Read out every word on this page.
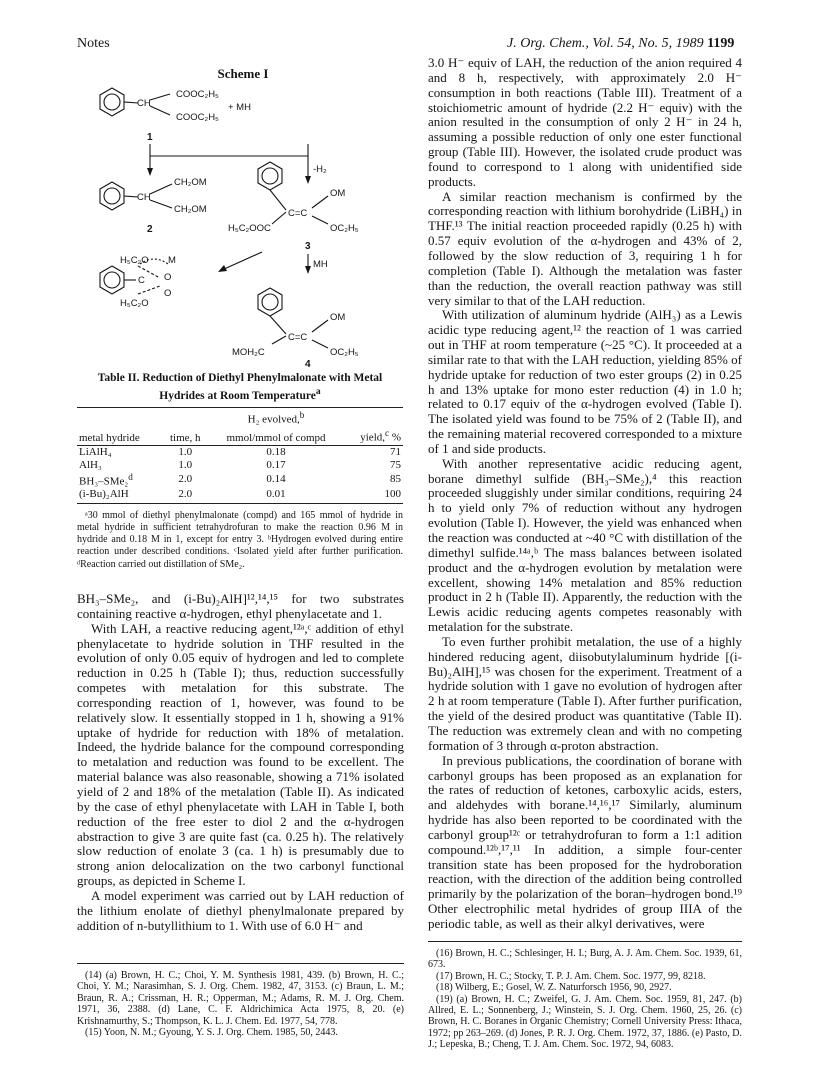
Notes	J. Org. Chem., Vol. 54, No. 5, 1989 1199
Scheme I
COOC₂H₅
CH
COOC₂H₅
+ MH
1
-H₂
CH₂OM
CH
CH₂OM
2
OM
C=C
H₅C₂OOC	OC₂H₅
3
MH
H₅C₂O M
C O
O
H₅C₂O
OM
C=C
MOH₂C	OC₂H₅
4
Table II. Reduction of Diethyl Phenylmalonate with Metal Hydrides at Room Temperature$^a$
		H₂ evolved,$^b$	
metal hydride	time, h	mmol/mmol of compd	yield,$^c$ %
LiAlH₄	1.0	0.18	71
AlH₃	1.0	0.17	75
BH₃–SMe₂$^d$	2.0	0.14	85
(i-Bu)₂AlH	2.0	0.01	100
ᵃ30 mmol of diethyl phenylmalonate (compd) and 165 mmol of hydride in metal hydride in sufficient tetrahydrofuran to make the reaction 0.96 M in hydride and 0.18 M in 1, except for entry 3. ᵇHydrogen evolved during entire reaction under described conditions. ᶜIsolated yield after further purification. ᵈReaction carried out distillation of SMe₂.

BH₃–SMe₂, and (i-Bu)₂AlH]¹²,¹⁴,¹⁵ for two substrates containing reactive α-hydrogen, ethyl phenylacetate and 1.

With LAH, a reactive reducing agent,¹²ᵃ,ᶜ addition of ethyl phenylacetate to hydride solution in THF resulted in the evolution of only 0.05 equiv of hydrogen and led to complete reduction in 0.25 h (Table I); thus, reduction successfully competes with metalation for this substrate. The corresponding reaction of 1, however, was found to be relatively slow. It essentially stopped in 1 h, showing a 91% uptake of hydride for reduction with 18% of metalation. Indeed, the hydride balance for the compound corresponding to metalation and reduction was found to be excellent. The material balance was also reasonable, showing a 71% isolated yield of 2 and 18% of the metalation (Table II). As indicated by the case of ethyl phenylacetate with LAH in Table I, both reduction of the free ester to diol 2 and the α-hydrogen abstraction to give 3 are quite fast (ca. 0.25 h). The relatively slow reduction of enolate 3 (ca. 1 h) is presumably due to strong anion delocalization on the two carbonyl functional groups, as depicted in Scheme I.

A model experiment was carried out by LAH reduction of the lithium enolate of diethyl phenylmalonate prepared by addition of n-butyllithium to 1. With use of 6.0 H⁻ and

3.0 H⁻ equiv of LAH, the reduction of the anion required 4 and 8 h, respectively, with approximately 2.0 H⁻ consumption in both reactions (Table III). Treatment of a stoichiometric amount of hydride (2.2 H⁻ equiv) with the anion resulted in the consumption of only 2 H⁻ in 24 h, assuming a possible reduction of only one ester functional group (Table III). However, the isolated crude product was found to correspond to 1 along with unidentified side products.

A similar reaction mechanism is confirmed by the corresponding reaction with lithium borohydride (LiBH₄) in THF.¹³ The initial reaction proceeded rapidly (0.25 h) with 0.57 equiv evolution of the α-hydrogen and 43% of 2, followed by the slow reduction of 3, requiring 1 h for completion (Table I). Although the metalation was faster than the reduction, the overall reaction pathway was still very similar to that of the LAH reduction.

With utilization of aluminum hydride (AlH₃) as a Lewis acidic type reducing agent,¹² the reaction of 1 was carried out in THF at room temperature (~25 °C). It proceeded at a similar rate to that with the LAH reduction, yielding 85% of hydride uptake for reduction of two ester groups (2) in 0.25 h and 13% uptake for mono ester reduction (4) in 1.0 h; related to 0.17 equiv of the α-hydrogen evolved (Table I). The isolated yield was found to be 75% of 2 (Table II), and the remaining material recovered corresponded to a mixture of 1 and side products.

With another representative acidic reducing agent, borane dimethyl sulfide (BH₃–SMe₂),⁴ this reaction proceeded sluggishly under similar conditions, requiring 24 h to yield only 7% of reduction without any hydrogen evolution (Table I). However, the yield was enhanced when the reaction was conducted at ~40 °C with distillation of the dimethyl sulfide.¹⁴ᵃ,ᵇ The mass balances between isolated product and the α-hydrogen evolution by metalation were excellent, showing 14% metalation and 85% reduction product in 2 h (Table II). Apparently, the reduction with the Lewis acidic reducing agents competes reasonably with metalation for the substrate.

To even further prohibit metalation, the use of a highly hindered reducing agent, diisobutylaluminum hydride [(i-Bu)₂AlH],¹⁵ was chosen for the experiment. Treatment of a hydride solution with 1 gave no evolution of hydrogen after 2 h at room temperature (Table I). After further purification, the yield of the desired product was quantitative (Table II). The reduction was extremely clean and with no competing formation of 3 through α-proton abstraction.

In previous publications, the coordination of borane with carbonyl groups has been proposed as an explanation for the rates of reduction of ketones, carboxylic acids, esters, and aldehydes with borane.¹⁴,¹⁶,¹⁷ Similarly, aluminum hydride has also been reported to be coordinated with the carbonyl group¹²ᶜ or tetrahydrofuran to form a 1:1 adition compound.¹²ᵇ,¹⁷,¹¹ In addition, a simple four-center transition state has been proposed for the hydroboration reaction, with the direction of the addition being controlled primarily by the polarization of the boran–hydrogen bond.¹⁹ Other electrophilic metal hydrides of group IIIA of the periodic table, as well as their alkyl derivatives, were

(14) (a) Brown, H. C.; Choi, Y. M. Synthesis 1981, 439. (b) Brown, H. C.; Choi, Y. M.; Narasimhan, S. J. Org. Chem. 1982, 47, 3153. (c) Braun, L. M.; Braun, R. A.; Crissman, H. R.; Opperman, M.; Adams, R. M. J. Org. Chem. 1971, 36, 2388. (d) Lane, C. F. Aldrichimica Acta 1975, 8, 20. (e) Krishnamurthy, S.; Thompson, K. L. J. Chem. Ed. 1977, 54, 778.

(15) Yoon, N. M.; Gyoung, Y. S. J. Org. Chem. 1985, 50, 2443.

(16) Brown, H. C.; Schlesinger, H. I.; Burg, A. J. Am. Chem. Soc. 1939, 61, 673.

(17) Brown, H. C.; Stocky, T. P. J. Am. Chem. Soc. 1977, 99, 8218.

(18) Wilberg, E.; Gosel, W. Z. Naturforsch 1956, 90, 2927.

(19) (a) Brown, H. C.; Zweifel, G. J. Am. Chem. Soc. 1959, 81, 247. (b) Allred, E. L.; Sonnenberg, J.; Winstein, S. J. Org. Chem. 1960, 25, 26. (c) Brown, H. C. Boranes in Organic Chemistry; Cornell University Press: Ithaca, 1972; pp 263–269. (d) Jones, P. R. J. Org. Chem. 1972, 37, 1886. (e) Pasto, D. J.; Lepeska, B.; Cheng, T. J. Am. Chem. Soc. 1972, 94, 6083.
